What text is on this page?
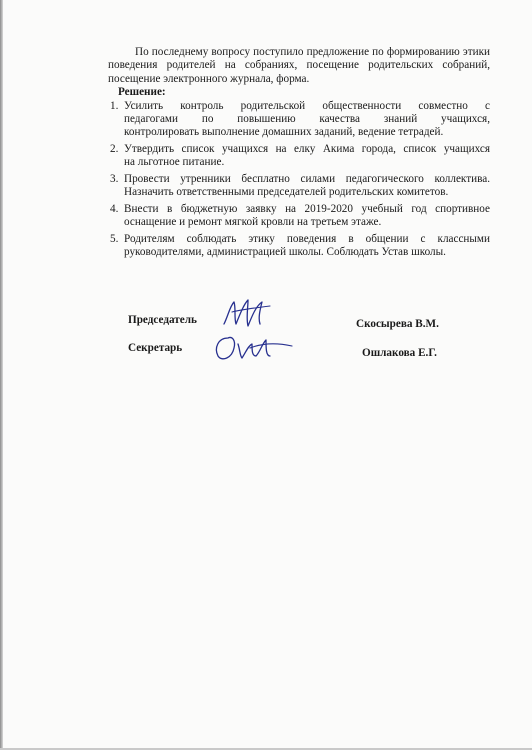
По последнему вопросу поступило предложение по формированию этики поведения родителей на собраниях, посещение родительских собраний, посещение электронного журнала, форма.

Решение:
1. Усилить контроль родительской общественности совместно с
педагогами по повышению качества знаний учащихся,
контролировать выполнение домашних заданий, ведение тетрадей.
2. Утвердить список учащихся на елку Акима города, список учащихся
на льготное питание.
3. Провести утренники бесплатно силами педагогического коллектива.
Назначить ответственными председателей родительских комитетов.
4. Внести в бюджетную заявку на 2019-2020 учебный год спортивное
оснащение и ремонт мягкой кровли на третьем этаже.
5. Родителям соблюдать этику поведения в общении с классными
руководителями, администрацией школы. Соблюдать Устав школы.
Председатель	Скосырева В.М.
Секретарь	Ошлакова Е.Г.
